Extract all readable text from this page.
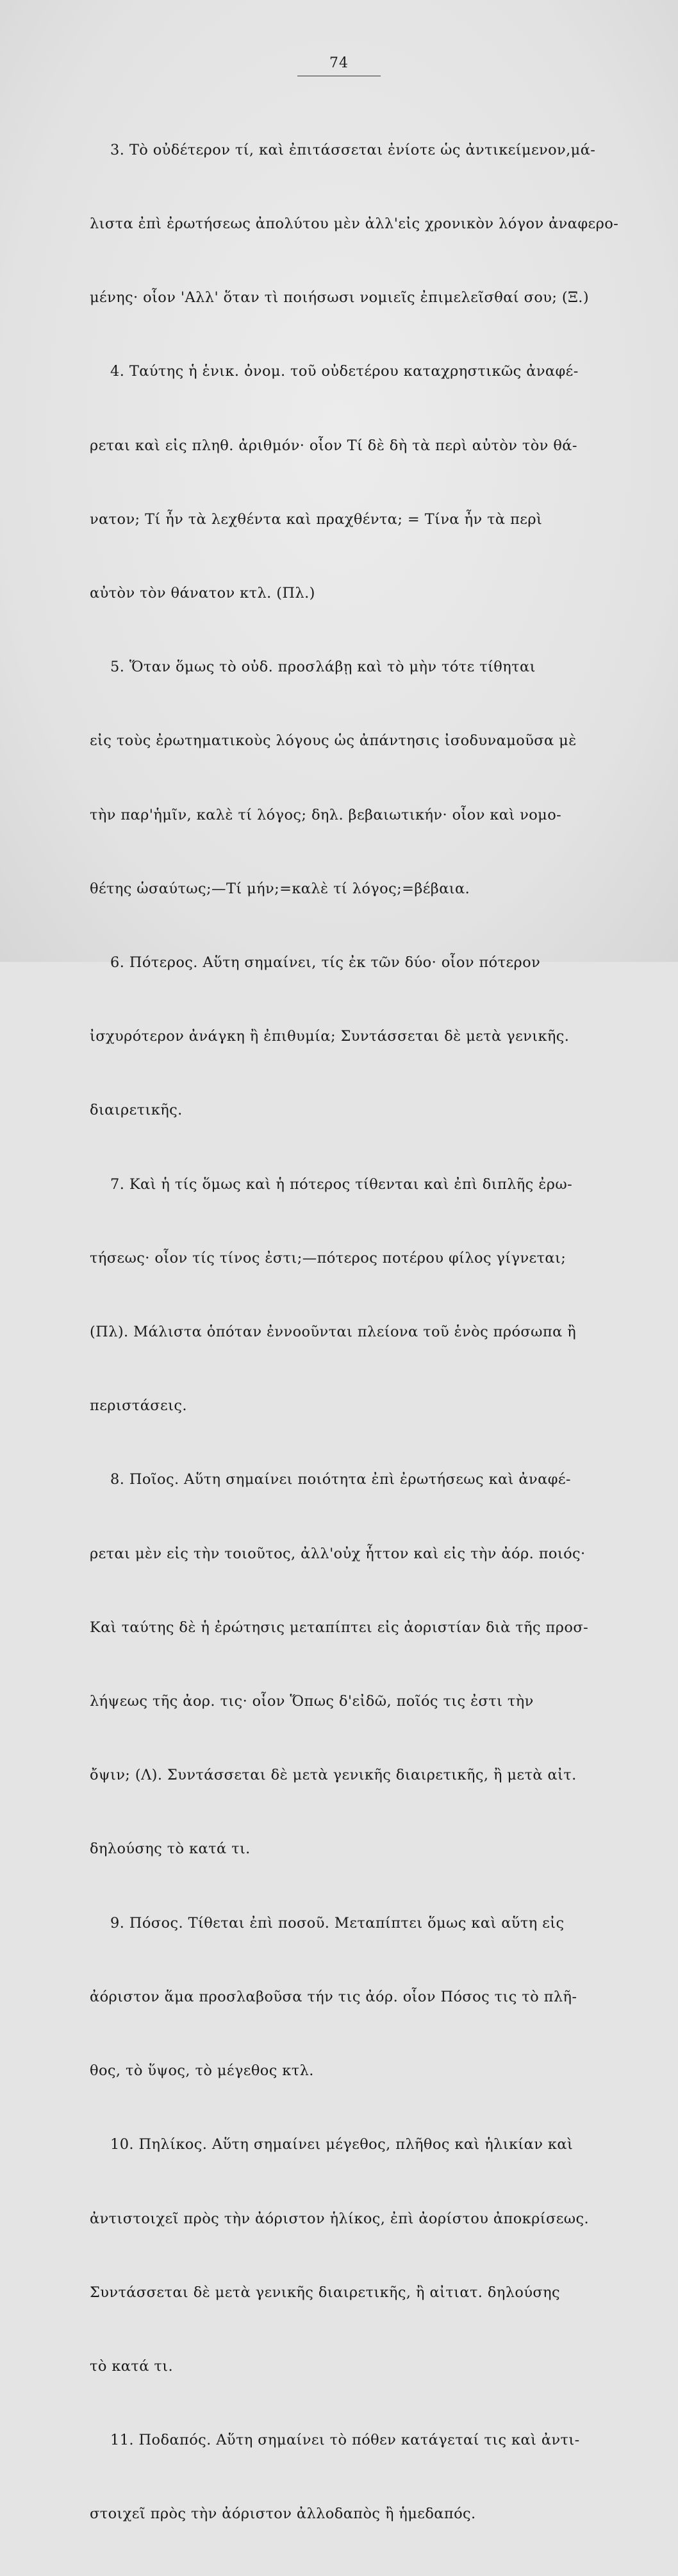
74

3. Τὸ οὐδέτερον τί, καὶ ἐπιτάσσεται ἐνίοτε ὡς ἀντικείμενον,μά-

λιστα ἐπὶ ἐρωτήσεως ἀπολύτου μὲν ἀλλ'εἰς χρονικὸν λόγον ἀναφερο-

μένης· οἷον 'Αλλ' ὅταν τὶ ποιήσωσι νομιεῖς ἐπιμελεῖσθαί σου; (Ξ.)

4. Ταύτης ἡ ἑνικ. ὀνομ. τοῦ οὐδετέρου καταχρηστικῶς ἀναφέ-

ρεται καὶ εἰς πληθ. ἀριθμόν· οἷον Τί δὲ δὴ τὰ περὶ αὐτὸν τὸν θά-

νατον; Τί ἦν τὰ λεχθέντα καὶ πραχθέντα; = Τίνα ἦν τὰ περὶ

αὐτὸν τὸν θάνατον κτλ. (Πλ.)

5. Ὅταν ὅμως τὸ οὐδ. προσλάβῃ καὶ τὸ μὴν τότε τίθηται

εἰς τοὺς ἐρωτηματικοὺς λόγους ὡς ἀπάντησις ἰσοδυναμοῦσα μὲ

τὴν παρ'ἡμῖν, καλὲ τί λόγος; δηλ. βεβαιωτικήν· οἷον καὶ νομο-

θέτης ὡσαύτως;—Τί μήν;=καλὲ τί λόγος;=βέβαια.

6. Πότερος. Αὕτη σημαίνει, τίς ἐκ τῶν δύο· οἷον πότερον

ἰσχυρότερον ἀνάγκη ἢ ἐπιθυμία; Συντάσσεται δὲ μετὰ γενικῆς.

διαιρετικῆς.

7. Καὶ ἡ τίς ὅμως καὶ ἡ πότερος τίθενται καὶ ἐπὶ διπλῆς ἐρω-

τήσεως· οἷον τίς τίνος ἐστι;—πότερος ποτέρου φίλος γίγνεται;

(Πλ). Μάλιστα ὁπόταν ἐννοοῦνται πλείονα τοῦ ἑνὸς πρόσωπα ἢ

περιστάσεις.

8. Ποῖος. Αὕτη σημαίνει ποιότητα ἐπὶ ἐρωτήσεως καὶ ἀναφέ-

ρεται μὲν εἰς τὴν τοιοῦτος, ἀλλ'οὐχ ἧττον καὶ εἰς τὴν ἀόρ. ποιός·

Καὶ ταύτης δὲ ἡ ἐρώτησις μεταπίπτει εἰς ἀοριστίαν διὰ τῆς προσ-

λήψεως τῆς ἀορ. τις· οἷον Ὅπως δ'εἰδῶ, ποῖός τις ἐστι τὴν

ὄψιν; (Λ). Συντάσσεται δὲ μετὰ γενικῆς διαιρετικῆς, ἢ μετὰ αἰτ.

δηλούσης τὸ κατά τι.

9. Πόσος. Τίθεται ἐπὶ ποσοῦ. Μεταπίπτει ὅμως καὶ αὕτη εἰς

ἀόριστον ἅμα προσλαβοῦσα τήν τις ἀόρ. οἷον Πόσος τις τὸ πλῆ-

θος, τὸ ὕψος, τὸ μέγεθος κτλ.

10. Πηλίκος. Αὕτη σημαίνει μέγεθος, πλῆθος καὶ ἡλικίαν καὶ

ἀντιστοιχεῖ πρὸς τὴν ἀόριστον ἡλίκος, ἐπὶ ἀορίστου ἀποκρίσεως.

Συντάσσεται δὲ μετὰ γενικῆς διαιρετικῆς, ἢ αἰτιατ. δηλούσης

τὸ κατά τι.

11. Ποδαπός. Αὕτη σημαίνει τὸ πόθεν κατάγεταί τις καὶ ἀντι-

στοιχεῖ πρὸς τὴν ἀόριστον ἀλλοδαπὸς ἢ ἡμεδαπός.
